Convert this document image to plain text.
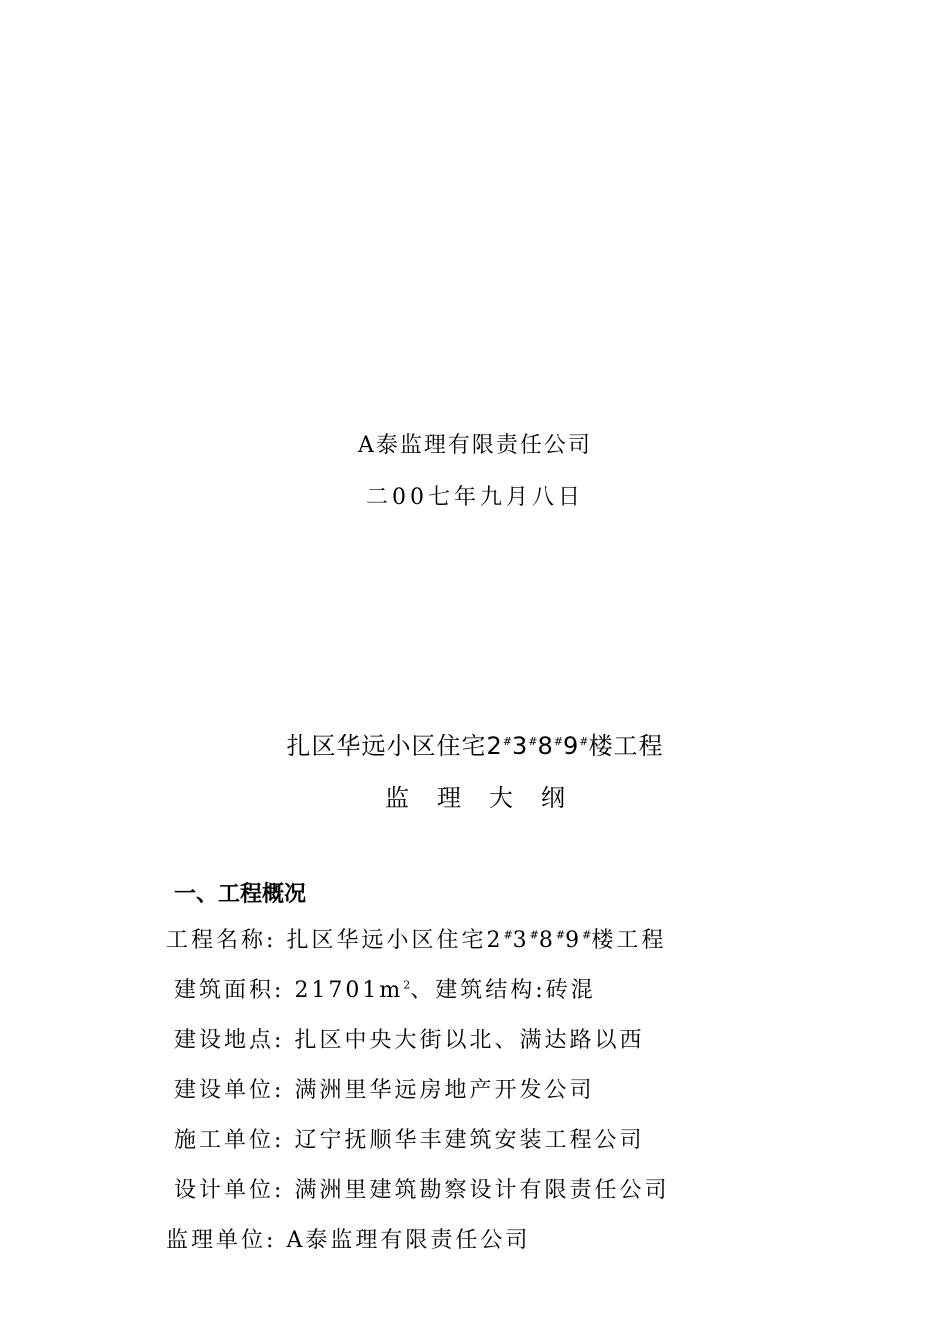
A泰监理有限责任公司
二00七年九月八日
扎区华远小区住宅2#3#8#9#楼工程
监理大纲
一、工程概况
工程名称: 扎区华远小区住宅2#3#8#9#楼工程
建筑面积: $21701m^2$、建筑结构:砖混
建设地点: 扎区中央大街以北、满达路以西
建设单位: 满洲里华远房地产开发公司
施工单位: 辽宁抚顺华丰建筑安装工程公司
设计单位: 满洲里建筑勘察设计有限责任公司
监理单位: A泰监理有限责任公司
